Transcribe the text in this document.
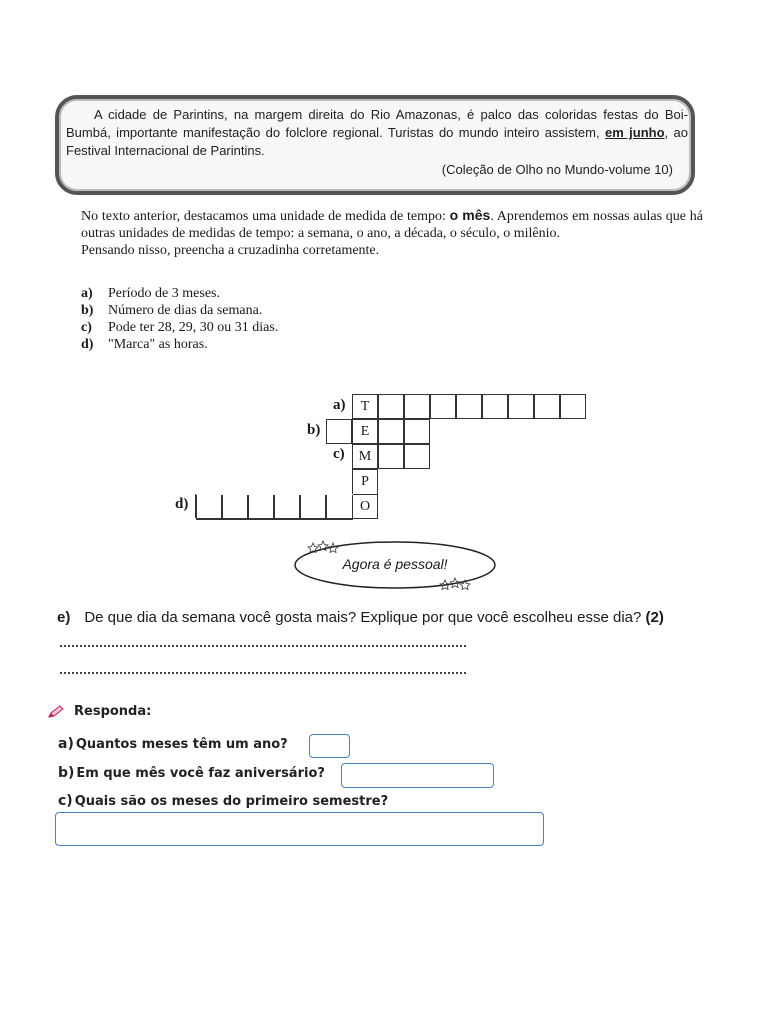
A cidade de Parintins, na margem direita do Rio Amazonas, é palco das coloridas festas do Boi-Bumbá, importante manifestação do folclore regional. Turistas do mundo inteiro assistem, em junho, ao Festival Internacional de Parintins.

(Coleção de Olho no Mundo-volume 10)

No texto anterior, destacamos uma unidade de medida de tempo: o mês. Aprendemos em nossas aulas que há outras unidades de medidas de tempo: a semana, o ano, a década, o século, o milênio.

Pensando nisso, preencha a cruzadinha corretamente.

a)	Período de 3 meses.
b)	Número de dias da semana.
c)	Pode ter 28, 29, 30 ou 31 dias.
d)	"Marca" as horas.
a)
b)
c)
d)
T
E
M
P
O
Agora é pessoal!
e) De que dia da semana você gosta mais? Explique por que você escolheu esse dia? (2)
Responda:
a) Quantos meses têm um ano?
b) Em que mês você faz aniversário?
c) Quais são os meses do primeiro semestre?
